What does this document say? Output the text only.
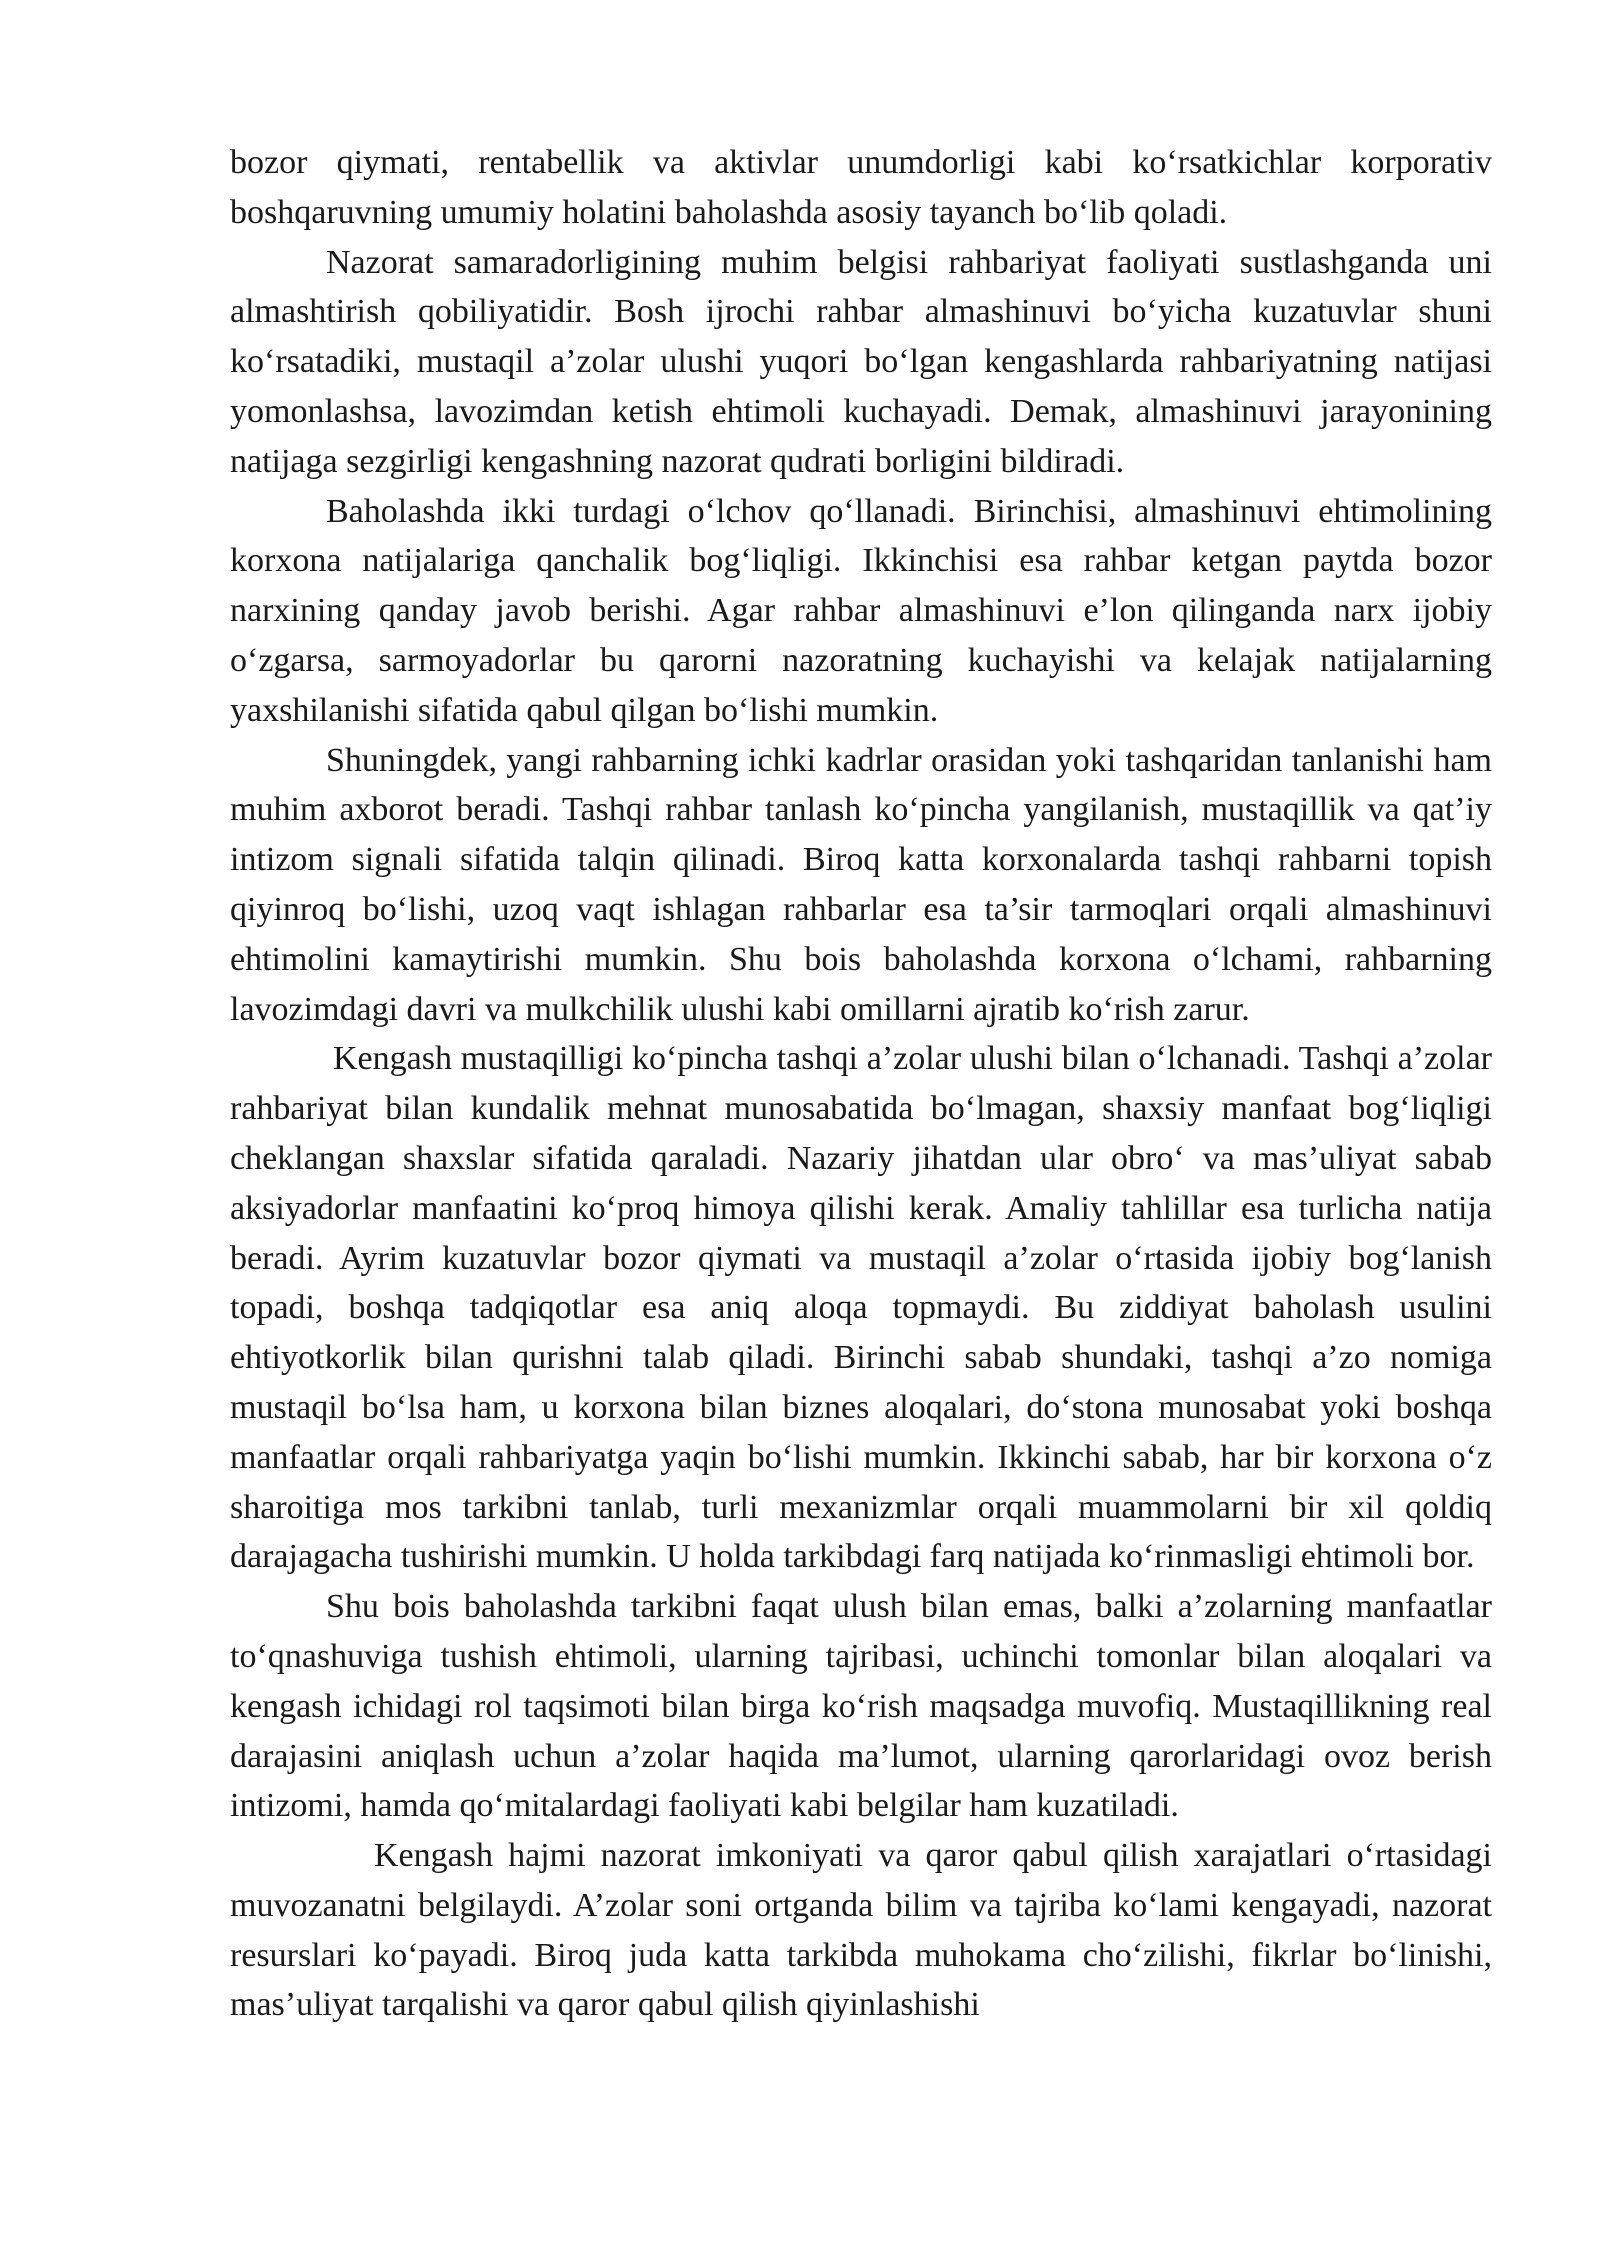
bozor qiymati, rentabellik va aktivlar unumdorligi kabi koʻrsatkichlar korporativ boshqaruvning umumiy holatini baholashda asosiy tayanch boʻlib qoladi.

Nazorat samaradorligining muhim belgisi rahbariyat faoliyati sustlashganda uni almashtirish qobiliyatidir. Bosh ijrochi rahbar almashinuvi boʻyicha kuzatuvlar shuni koʻrsatadiki, mustaqil a’zolar ulushi yuqori boʻlgan kengashlarda rahbariyatning natijasi yomonlashsa, lavozimdan ketish ehtimoli kuchayadi. Demak, almashinuvi jarayonining natijaga sezgirligi kengashning nazorat qudrati borligini bildiradi.

Baholashda ikki turdagi oʻlchov qoʻllanadi. Birinchisi, almashinuvi ehtimolining korxona natijalariga qanchalik bogʻliqligi. Ikkinchisi esa rahbar ketgan paytda bozor narxining qanday javob berishi. Agar rahbar almashinuvi e’lon qilinganda narx ijobiy oʻzgarsa, sarmoyadorlar bu qarorni nazoratning kuchayishi va kelajak natijalarning yaxshilanishi sifatida qabul qilgan boʻlishi mumkin.

Shuningdek, yangi rahbarning ichki kadrlar orasidan yoki tashqaridan tanlanishi ham muhim axborot beradi. Tashqi rahbar tanlash koʻpincha yangilanish, mustaqillik va qat’iy intizom signali sifatida talqin qilinadi. Biroq katta korxonalarda tashqi rahbarni topish qiyinroq boʻlishi, uzoq vaqt ishlagan rahbarlar esa ta’sir tarmoqlari orqali almashinuvi ehtimolini kamaytirishi mumkin. Shu bois baholashda korxona oʻlchami, rahbarning lavozimdagi davri va mulkchilik ulushi kabi omillarni ajratib koʻrish zarur.

Kengash mustaqilligi koʻpincha tashqi a’zolar ulushi bilan oʻlchanadi. Tashqi a’zolar rahbariyat bilan kundalik mehnat munosabatida boʻlmagan, shaxsiy manfaat bogʻliqligi cheklangan shaxslar sifatida qaraladi. Nazariy jihatdan ular obroʻ va mas’uliyat sabab aksiyadorlar manfaatini koʻproq himoya qilishi kerak. Amaliy tahlillar esa turlicha natija beradi. Ayrim kuzatuvlar bozor qiymati va mustaqil a’zolar oʻrtasida ijobiy bogʻlanish topadi, boshqa tadqiqotlar esa aniq aloqa topmaydi. Bu ziddiyat baholash usulini ehtiyotkorlik bilan qurishni talab qiladi. Birinchi sabab shundaki, tashqi a’zo nomiga mustaqil boʻlsa ham, u korxona bilan biznes aloqalari, doʻstona munosabat yoki boshqa manfaatlar orqali rahbariyatga yaqin boʻlishi mumkin. Ikkinchi sabab, har bir korxona oʻz sharoitiga mos tarkibni tanlab, turli mexanizmlar orqali muammolarni bir xil qoldiq darajagacha tushirishi mumkin. U holda tarkibdagi farq natijada koʻrinmasligi ehtimoli bor.

Shu bois baholashda tarkibni faqat ulush bilan emas, balki a’zolarning manfaatlar toʻqnashuviga tushish ehtimoli, ularning tajribasi, uchinchi tomonlar bilan aloqalari va kengash ichidagi rol taqsimoti bilan birga koʻrish maqsadga muvofiq. Mustaqillikning real darajasini aniqlash uchun a’zolar haqida ma’lumot, ularning qarorlaridagi ovoz berish intizomi, hamda qoʻmitalardagi faoliyati kabi belgilar ham kuzatiladi.

Kengash hajmi nazorat imkoniyati va qaror qabul qilish xarajatlari oʻrtasidagi muvozanatni belgilaydi. A’zolar soni ortganda bilim va tajriba koʻlami kengayadi, nazorat resurslari koʻpayadi. Biroq juda katta tarkibda muhokama choʻzilishi, fikrlar boʻlinishi, mas’uliyat tarqalishi va qaror qabul qilish qiyinlashishi
